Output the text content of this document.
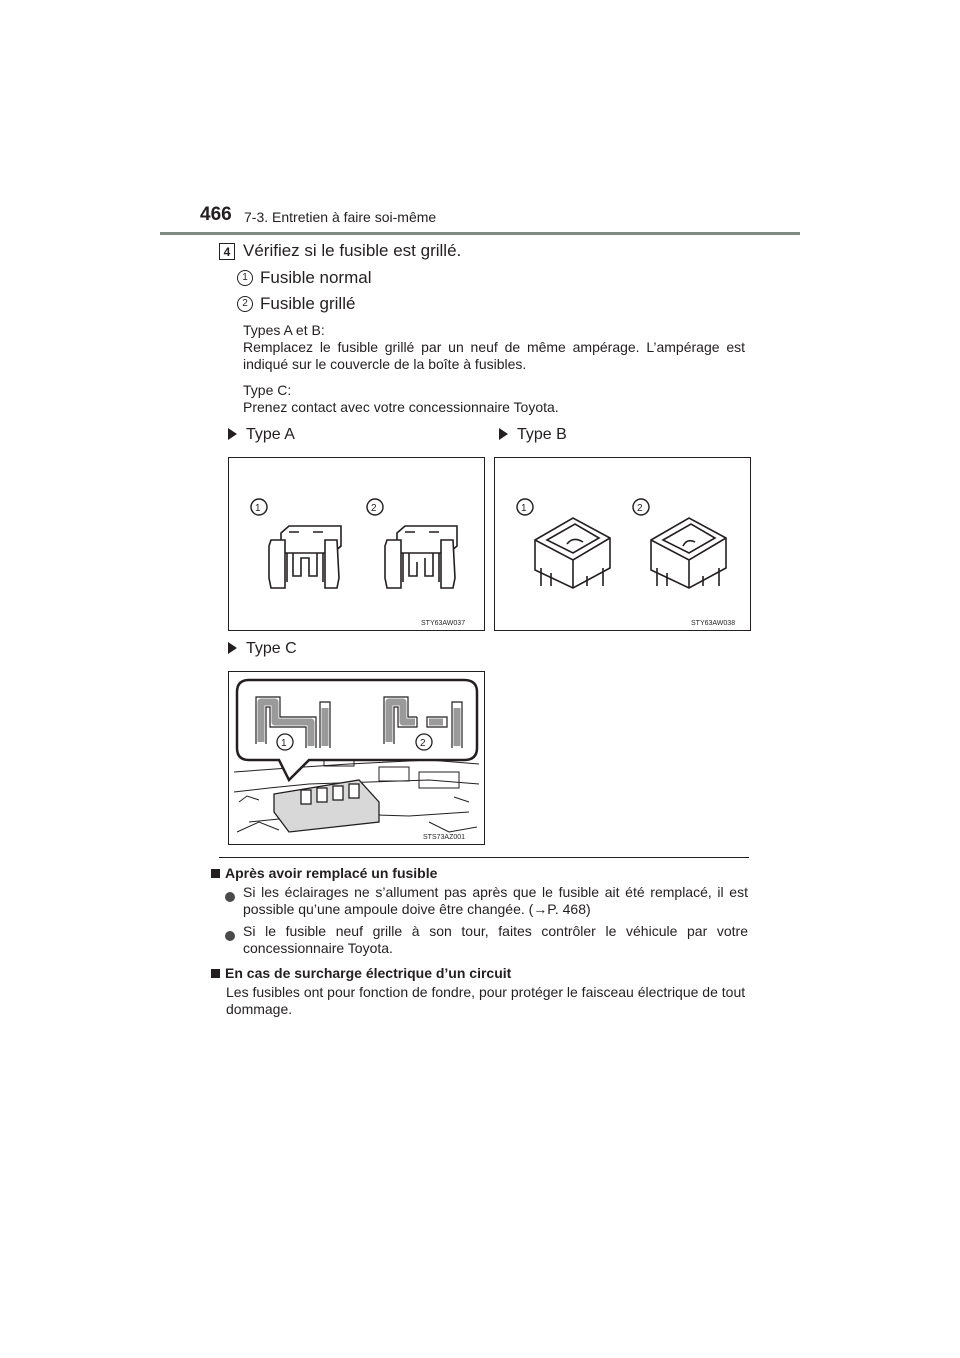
466 7-3. Entretien à faire soi-même
4 Vérifiez si le fusible est grillé.
1 Fusible normal
2 Fusible grillé
Types A et B:
Remplacez le fusible grillé par un neuf de même ampérage. L’ampérage est indiqué sur le couvercle de la boîte à fusibles.
Type C:
Prenez contact avec votre concessionnaire Toyota.
Type A	Type B
STY63AW037
1	2
STY63AW038
1	2
Type C
1	2
STS73AZ001
Après avoir remplacé un fusible
Si les éclairages ne s’allument pas après que le fusible ait été remplacé, il est possible qu’une ampoule doive être changée. (→P. 468)
Si le fusible neuf grille à son tour, faites contrôler le véhicule par votre concessionnaire Toyota.
En cas de surcharge électrique d’un circuit
Les fusibles ont pour fonction de fondre, pour protéger le faisceau électrique de tout dommage.
